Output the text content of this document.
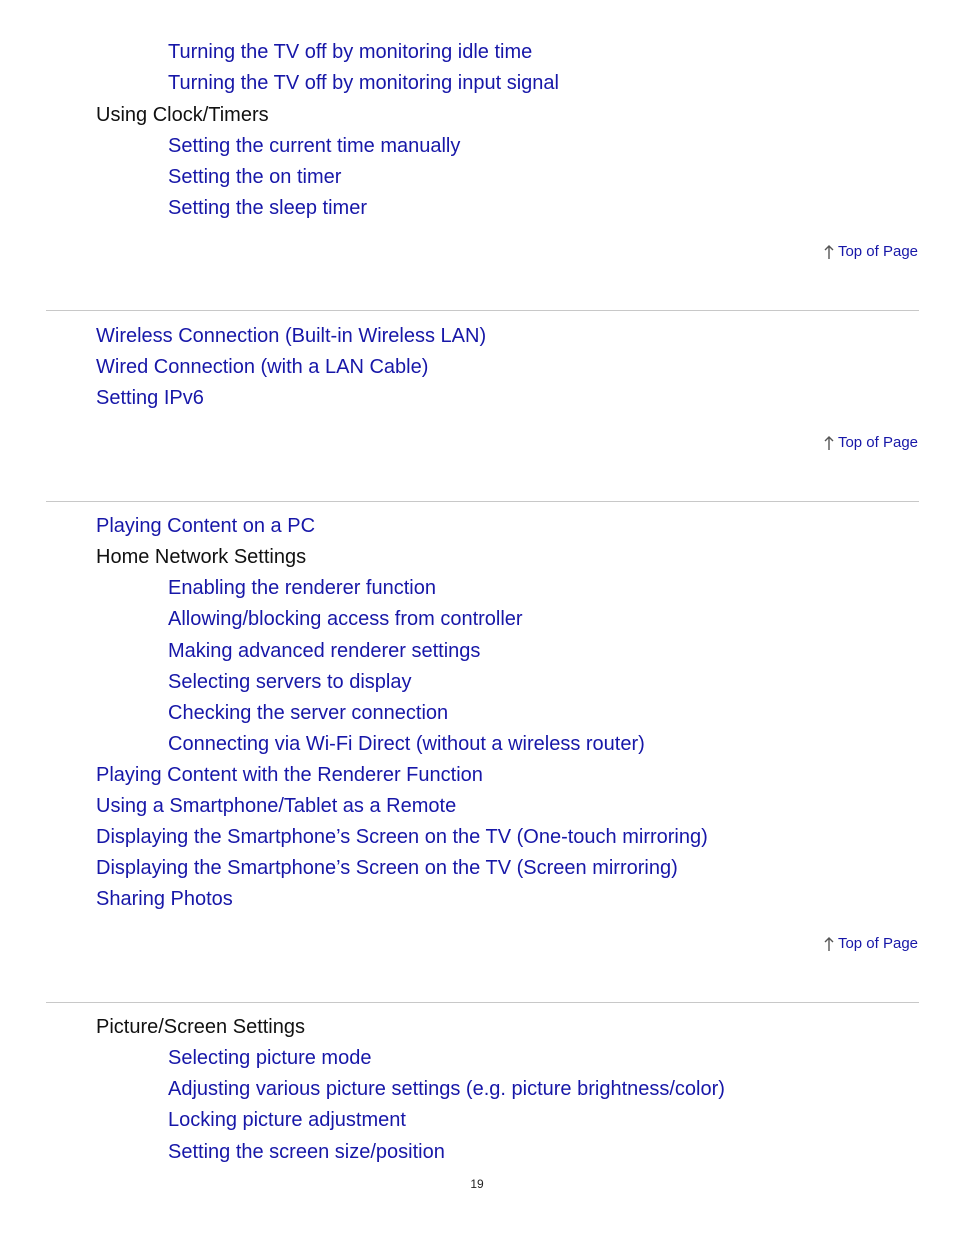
Turning the TV off by monitoring idle time
Turning the TV off by monitoring input signal
Using Clock/Timers
Setting the current time manually
Setting the on timer
Setting the sleep timer
Top of Page
Wireless Connection (Built-in Wireless LAN)
Wired Connection (with a LAN Cable)
Setting IPv6
Top of Page
Playing Content on a PC
Home Network Settings
Enabling the renderer function
Allowing/blocking access from controller
Making advanced renderer settings
Selecting servers to display
Checking the server connection
Connecting via Wi-Fi Direct (without a wireless router)
Playing Content with the Renderer Function
Using a Smartphone/Tablet as a Remote
Displaying the Smartphone’s Screen on the TV (One-touch mirroring)
Displaying the Smartphone’s Screen on the TV (Screen mirroring)
Sharing Photos
Top of Page
Picture/Screen Settings
Selecting picture mode
Adjusting various picture settings (e.g. picture brightness/color)
Locking picture adjustment
Setting the screen size/position
19
